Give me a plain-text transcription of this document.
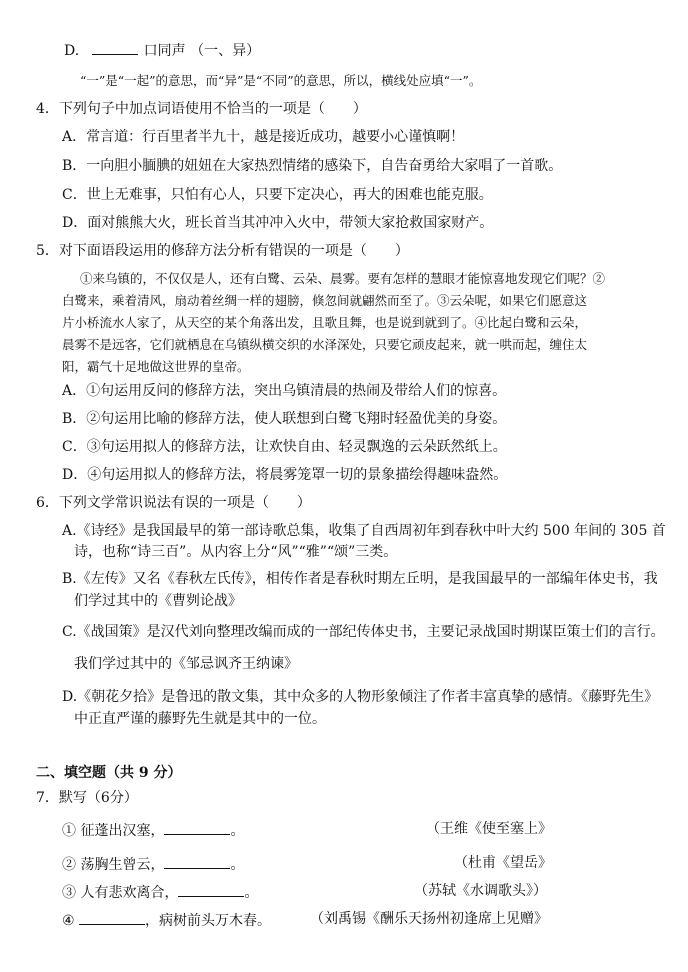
D.	口同声 （一、异）
“一”是“一起”的意思，而“异”是“不同”的意思，所以，横线处应填“一”。
4．下列句子中加点词语使用不恰当的一项是（　　）
A．常言道：行百里者半九十，越是接近成功，越要小心谨慎啊！
B．一向胆小腼腆的妞妞在大家热烈情绪的感染下，自告奋勇给大家唱了一首歌。
C．世上无难事，只怕有心人，只要下定决心，再大的困难也能克服。
D．面对熊熊大火，班长首当其冲冲入火中，带领大家抢救国家财产。
5．对下面语段运用的修辞方法分析有错误的一项是（　　）
①来乌镇的，不仅仅是人，还有白鹭、云朵、晨雾。要有怎样的慧眼才能惊喜地发现它们呢？②
白鹭来，乘着清风，扇动着丝绸一样的翅膀，倏忽间就翩然而至了。③云朵呢，如果它们愿意这
片小桥流水人家了，从天空的某个角落出发，且歌且舞，也是说到就到了。④比起白鹭和云朵，
晨雾不是远客，它们就栖息在乌镇纵横交织的水泽深处，只要它顽皮起来，就一哄而起，缠住太
阳，霸气十足地做这世界的皇帝。
A．①句运用反问的修辞方法，突出乌镇清晨的热闹及带给人们的惊喜。
B．②句运用比喻的修辞方法，使人联想到白鹭飞翔时轻盈优美的身姿。
C．③句运用拟人的修辞方法，让欢快自由、轻灵飘逸的云朵跃然纸上。
D．④句运用拟人的修辞方法，将晨雾笼罩一切的景象描绘得趣味盎然。
6．下列文学常识说法有误的一项是（　　）
A.《诗经》是我国最早的第一部诗歌总集，收集了自西周初年到春秋中叶大约 500 年间的 305 首
诗，也称“诗三百”。从内容上分“风”“雅”“颂”三类。
B.《左传》又名《春秋左氏传》，相传作者是春秋时期左丘明，是我国最早的一部编年体史书，我
们学过其中的《曹刿论战》
C.《战国策》是汉代刘向整理改编而成的一部纪传体史书，主要记录战国时期谋臣策士们的言行。
我们学过其中的《邹忌讽齐王纳谏》
D.《朝花夕拾》是鲁迅的散文集，其中众多的人物形象倾注了作者丰富真挚的感情。《藤野先生》
中正直严谨的藤野先生就是其中的一位。
二、填空题（共 9 分）
7．默写（6分）
① 征蓬出汉塞，	。	（王维《使至塞上》
② 荡胸生曾云，	。	（杜甫《望岳》
③ 人有悲欢离合，	。	（苏轼《水调歌头》）
④	，病树前头万木春。	（刘禹锡《酬乐天扬州初逢席上见赠》
